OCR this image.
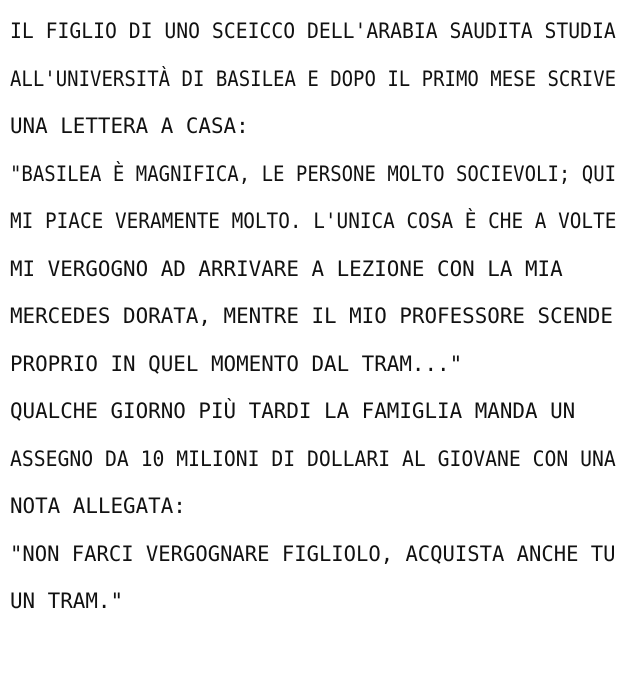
IL FIGLIO DI UNO SCEICCO DELL'ARABIA SAUDITA STUDIA
ALL'UNIVERSITÀ DI BASILEA E DOPO IL PRIMO MESE SCRIVE
UNA LETTERA A CASA:
"BASILEA È MAGNIFICA, LE PERSONE MOLTO SOCIEVOLI; QUI
MI PIACE VERAMENTE MOLTO. L'UNICA COSA È CHE A VOLTE
MI VERGOGNO AD ARRIVARE A LEZIONE CON LA MIA
MERCEDES DORATA, MENTRE IL MIO PROFESSORE SCENDE
PROPRIO IN QUEL MOMENTO DAL TRAM..."
QUALCHE GIORNO PIÙ TARDI LA FAMIGLIA MANDA UN
ASSEGNO DA 10 MILIONI DI DOLLARI AL GIOVANE CON UNA
NOTA ALLEGATA:
"NON FARCI VERGOGNARE FIGLIOLO, ACQUISTA ANCHE TU
UN TRAM."
